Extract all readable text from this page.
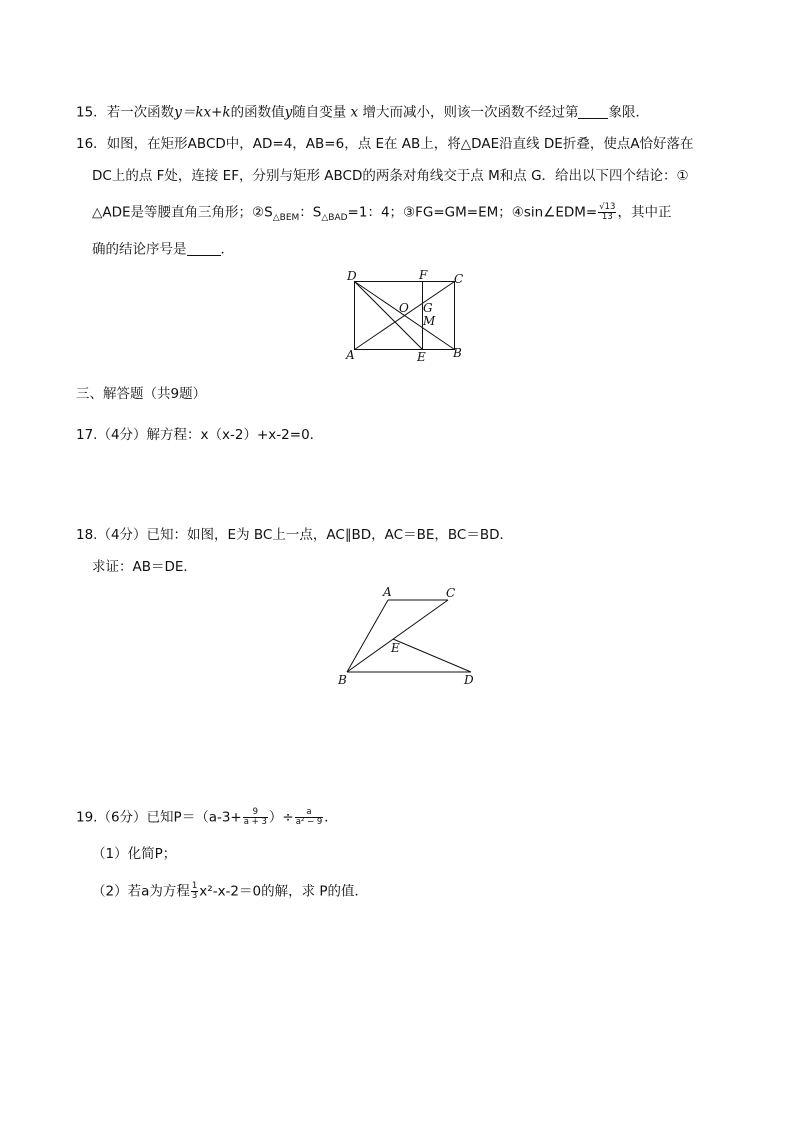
15．若一次函数y＝kx+k的函数值y随自变量 x 增大而减小，则该一次函数不经过第 象限．
16．如图，在矩形ABCD中，AD=4，AB=6，点 E在 AB上，将△DAE沿直线 DE折叠，使点A恰好落在
DC上的点 F处，连接 EF，分别与矩形 ABCD的两条对角线交于点 M和点 G．给出以下四个结论：①
△ADE是等腰直角三角形；$②S_{\triangle BEM}$：$S_{\triangle BAD}=1$：4；③FG=GM=EM；④sin∠EDM= $\frac{√13}{13}$ ，其中正
确的结论序号是	．
D	F C
O G
M
A	E B
三、解答题（共9题）
17.（4分）解方程：x（x-2）+x-2=0．
18.（4分）已知：如图，E为 BC上一点，AC∥BD，AC＝BE，BC＝BD．
求证：AB＝DE．
A	C
E
B	D
19.（6分）已知$P=(a-3+ \frac{9}{a + 3}$ ）÷ $\frac{a}{\text{a² − 9}}$ ．
（1）化简P；
（2）若a为方程 $\frac{1}{3} x^2-x-2=0$的解，求 P的值．
